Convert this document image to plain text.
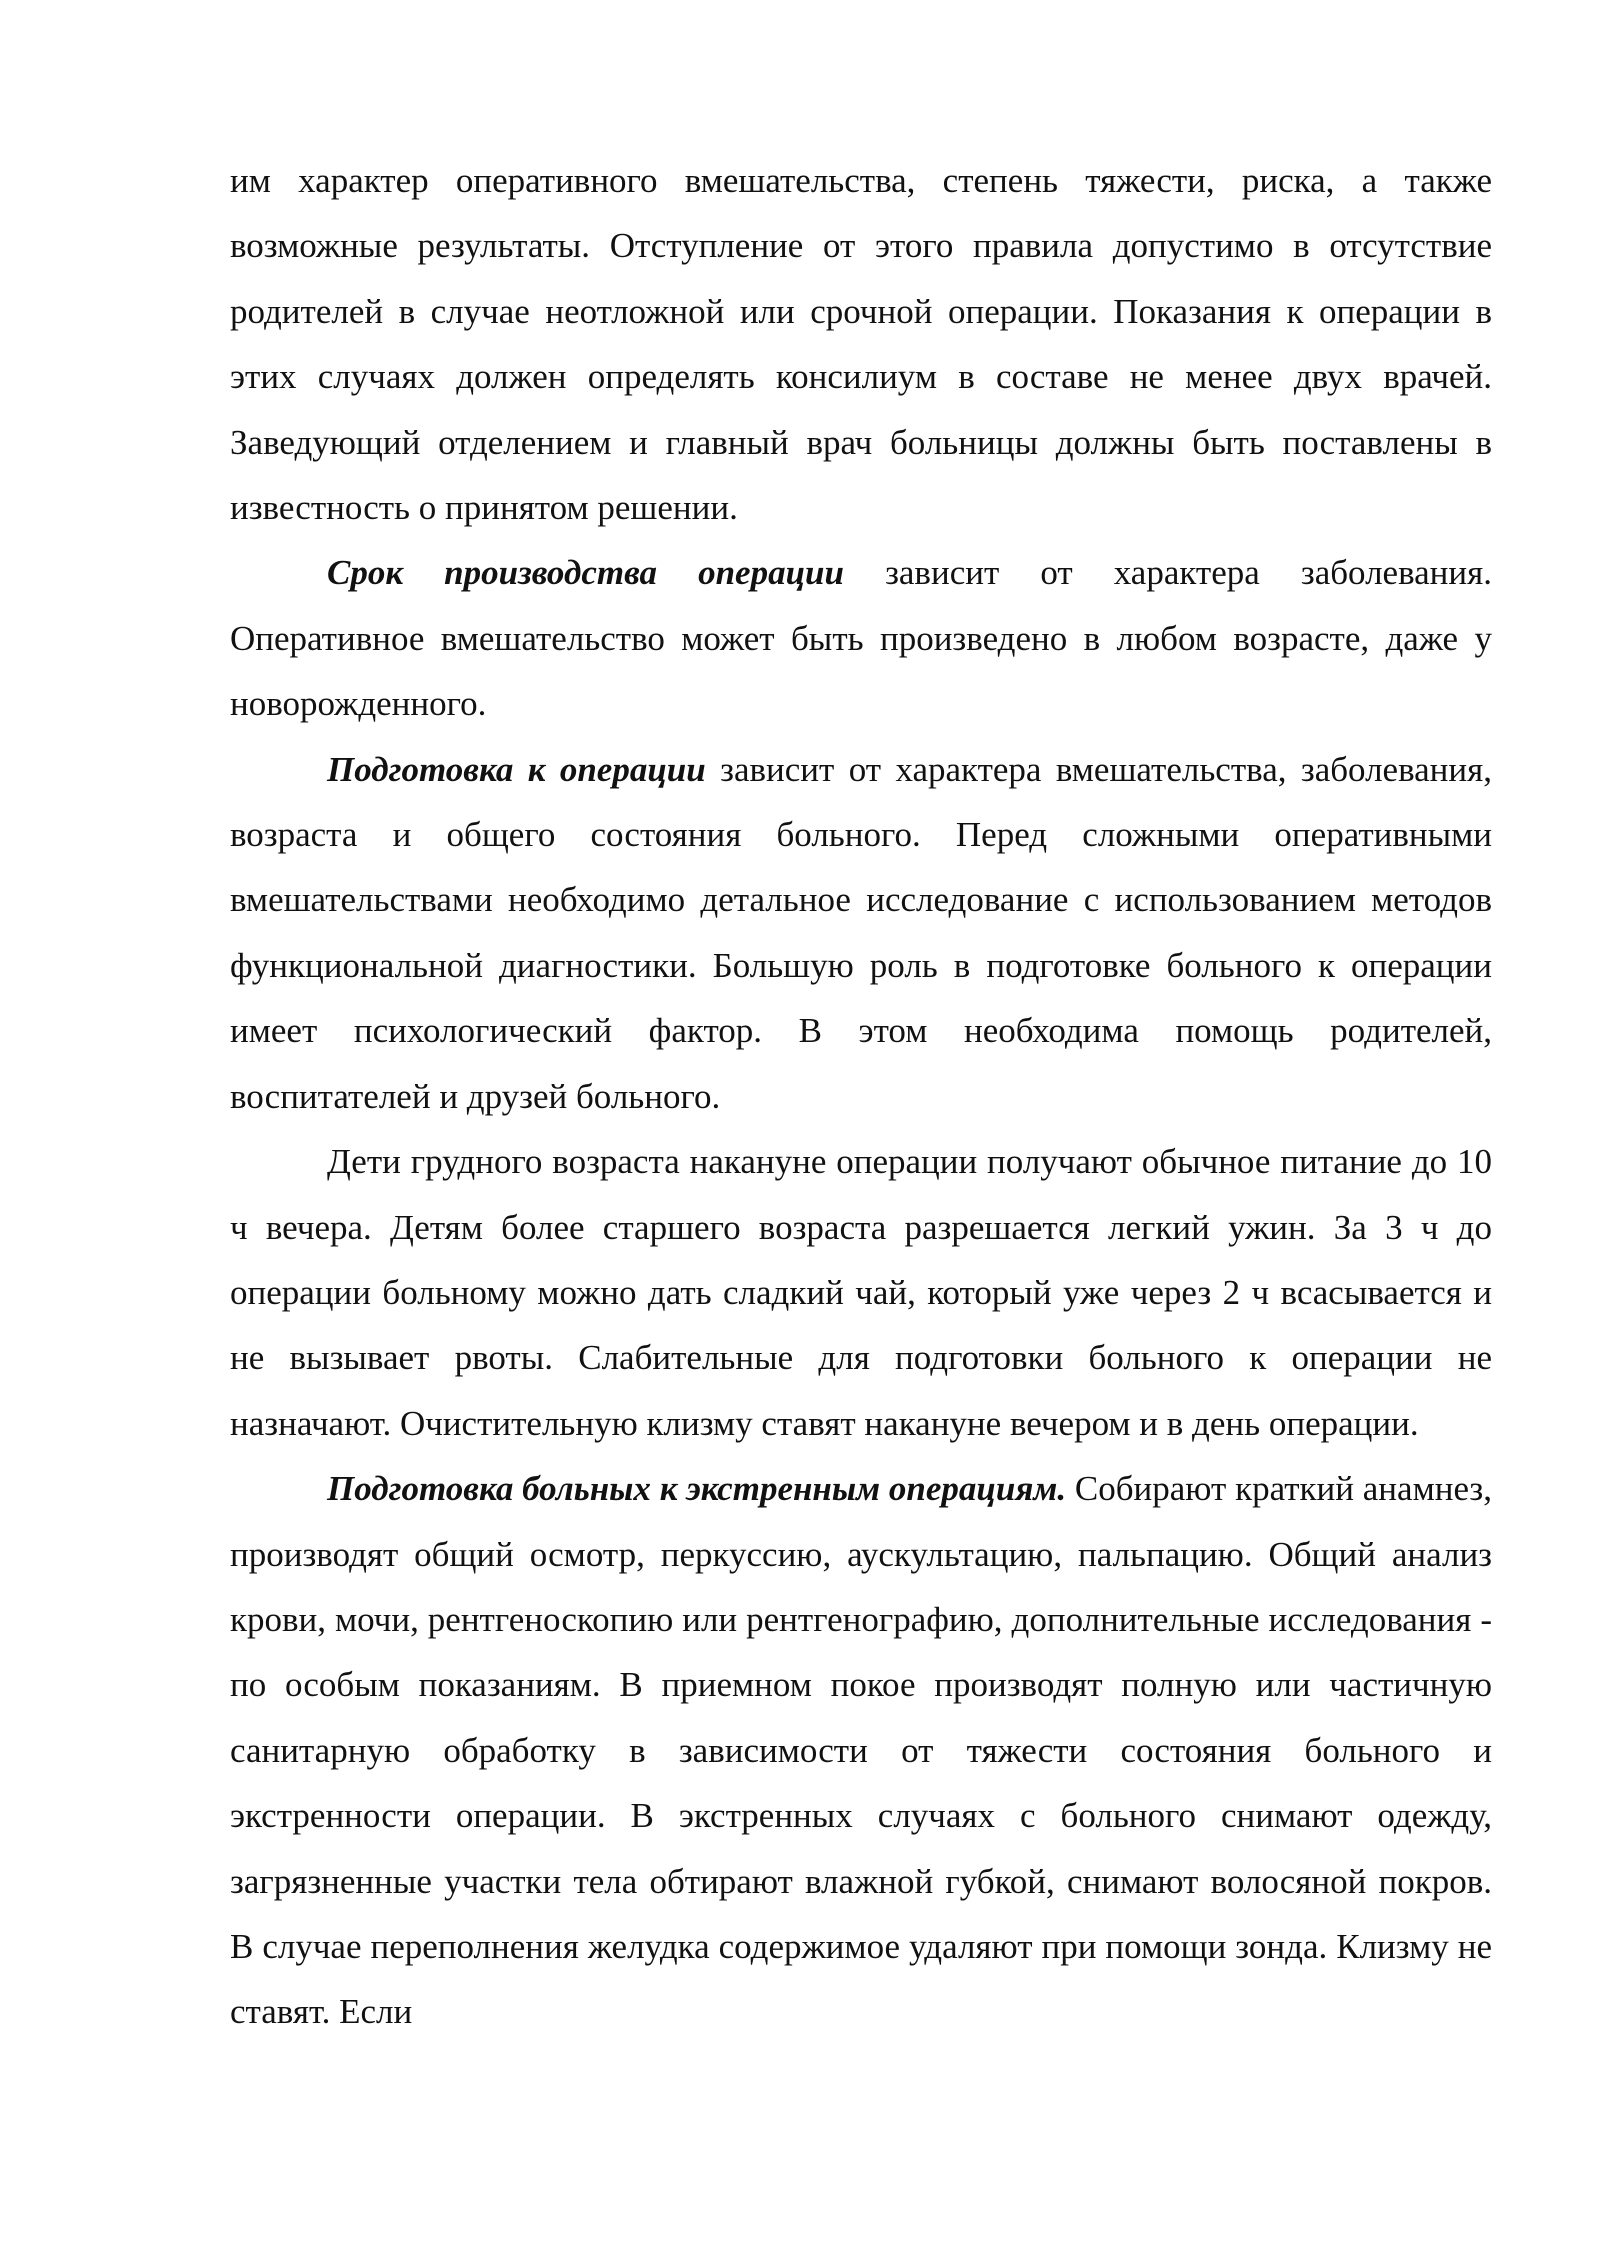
им характер оперативного вмешательства, степень тяжести, риска, а также возможные результаты. Отступление от этого правила допустимо в отсутствие родителей в случае неотложной или срочной операции. Показания к операции в этих случаях должен определять консилиум в составе не менее двух врачей. Заведующий отделением и главный врач больницы должны быть поставлены в известность о принятом решении.

Срок производства операции зависит от характера заболевания. Оперативное вмешательство может быть произведено в любом возрасте, даже у новорожденного.

Подготовка к операции зависит от характера вмешательства, заболевания, возраста и общего состояния больного. Перед сложными оперативными вмешательствами необходимо детальное исследование с использованием методов функциональной диагностики. Большую роль в подготовке больного к операции имеет психологический фактор. В этом необходима помощь родителей, воспитателей и друзей больного.

Дети грудного возраста накануне операции получают обычное питание до 10 ч вечера. Детям более старшего возраста разрешается легкий ужин. За 3 ч до операции больному можно дать сладкий чай, который уже через 2 ч всасывается и не вызывает рвоты. Слабительные для подготовки больного к операции не назначают. Очистительную клизму ставят накануне вечером и в день операции.

Подготовка больных к экстренным операциям. Собирают краткий анамнез, производят общий осмотр, перкуссию, аускультацию, пальпацию. Общий анализ крови, мочи, рентгеноскопию или рентгенографию, дополнительные исследования - по особым показаниям. В приемном покое производят полную или частичную санитарную обработку в зависимости от тяжести состояния больного и экстренности операции. В экстренных случаях с больного снимают одежду, загрязненные участки тела обтирают влажной губкой, снимают волосяной покров. В случае переполнения желудка содержимое удаляют при помощи зонда. Клизму не ставят. Если
